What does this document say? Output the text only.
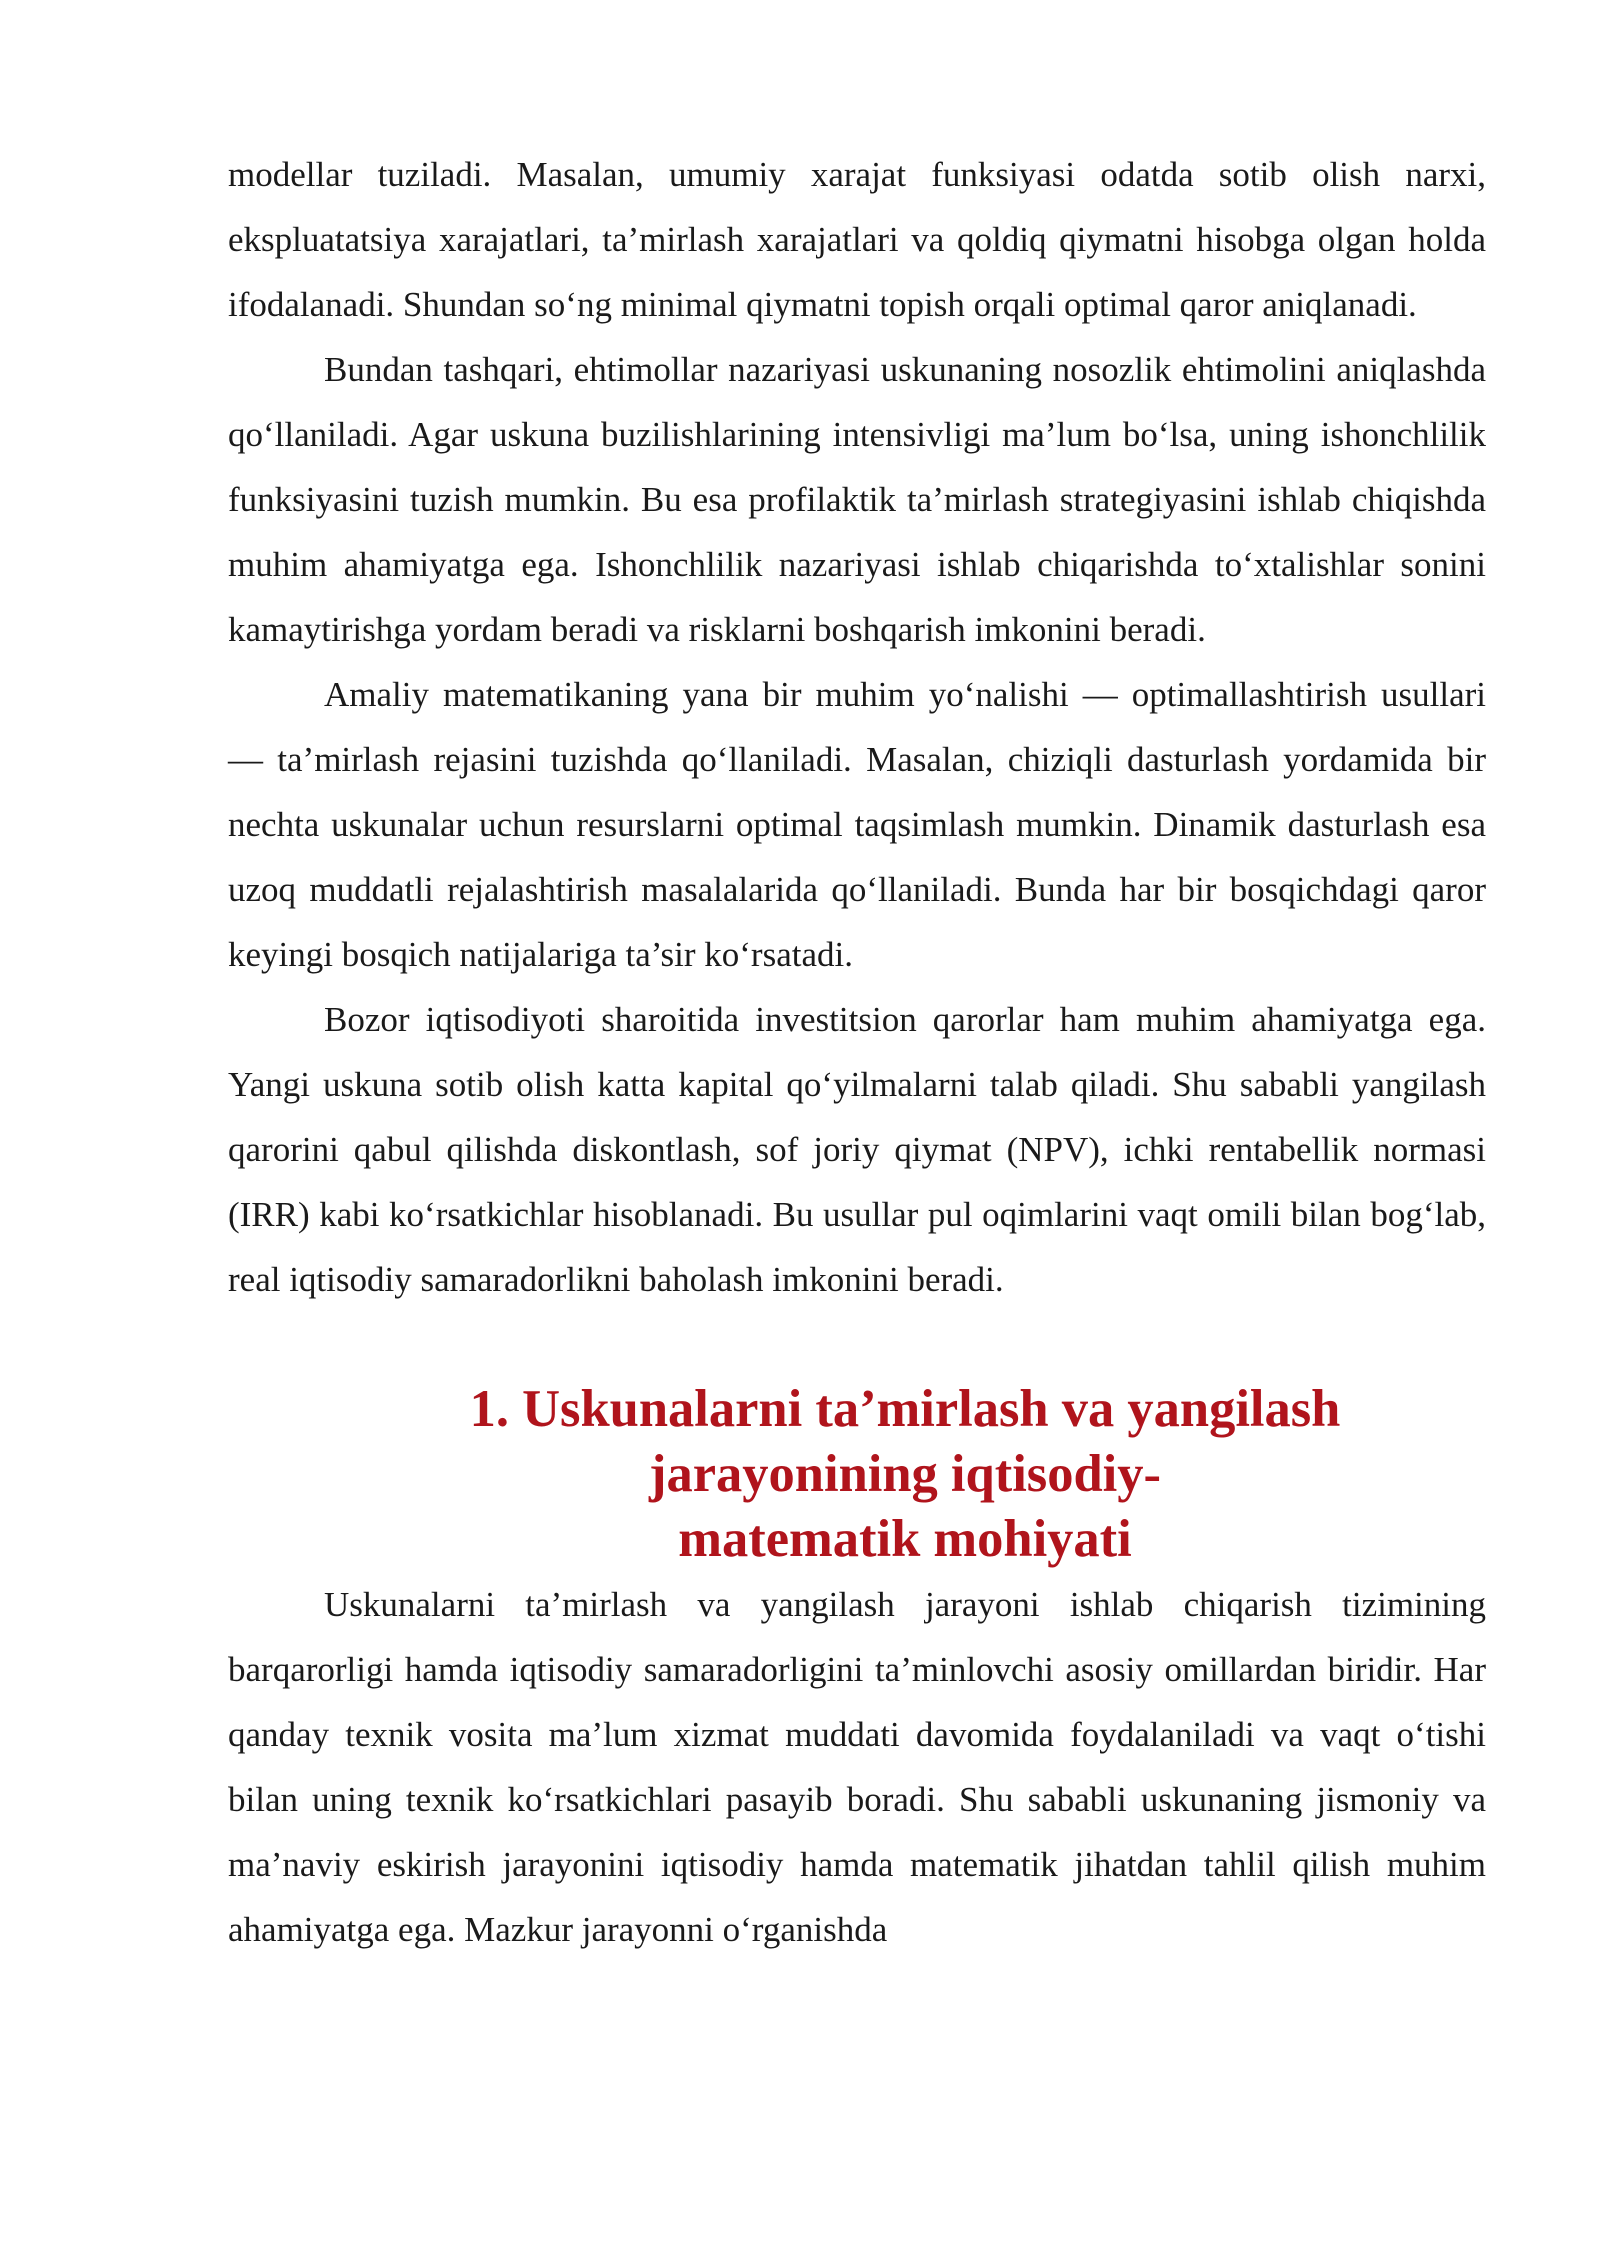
modellar tuziladi. Masalan, umumiy xarajat funksiyasi odatda sotib olish narxi, ekspluatatsiya xarajatlari, ta’mirlash xarajatlari va qoldiq qiymatni hisobga olgan holda ifodalanadi. Shundan so‘ng minimal qiymatni topish orqali optimal qaror aniqlanadi.

Bundan tashqari, ehtimollar nazariyasi uskunaning nosozlik ehtimolini aniqlashda qo‘llaniladi. Agar uskuna buzilishlarining intensivligi ma’lum bo‘lsa, uning ishonchlilik funksiyasini tuzish mumkin. Bu esa profilaktik ta’mirlash strategiyasini ishlab chiqishda muhim ahamiyatga ega. Ishonchlilik nazariyasi ishlab chiqarishda to‘xtalishlar sonini kamaytirishga yordam beradi va risklarni boshqarish imkonini beradi.

Amaliy matematikaning yana bir muhim yo‘nalishi — optimallashtirish usullari — ta’mirlash rejasini tuzishda qo‘llaniladi. Masalan, chiziqli dasturlash yordamida bir nechta uskunalar uchun resurslarni optimal taqsimlash mumkin. Dinamik dasturlash esa uzoq muddatli rejalashtirish masalalarida qo‘llaniladi. Bunda har bir bosqichdagi qaror keyingi bosqich natijalariga ta’sir ko‘rsatadi.

Bozor iqtisodiyoti sharoitida investitsion qarorlar ham muhim ahamiyatga ega. Yangi uskuna sotib olish katta kapital qo‘yilmalarni talab qiladi. Shu sababli yangilash qarorini qabul qilishda diskontlash, sof joriy qiymat (NPV), ichki rentabellik normasi (IRR) kabi ko‘rsatkichlar hisoblanadi. Bu usullar pul oqimlarini vaqt omili bilan bog‘lab, real iqtisodiy samaradorlikni baholash imkonini beradi.

1. Uskunalarni ta’mirlash va yangilash jarayonining iqtisodiy-
matematik mohiyati

Uskunalarni ta’mirlash va yangilash jarayoni ishlab chiqarish tizimining barqarorligi hamda iqtisodiy samaradorligini ta’minlovchi asosiy omillardan biridir. Har qanday texnik vosita ma’lum xizmat muddati davomida foydalaniladi va vaqt o‘tishi bilan uning texnik ko‘rsatkichlari pasayib boradi. Shu sababli uskunaning jismoniy va ma’naviy eskirish jarayonini iqtisodiy hamda matematik jihatdan tahlil qilish muhim ahamiyatga ega. Mazkur jarayonni o‘rganishda
